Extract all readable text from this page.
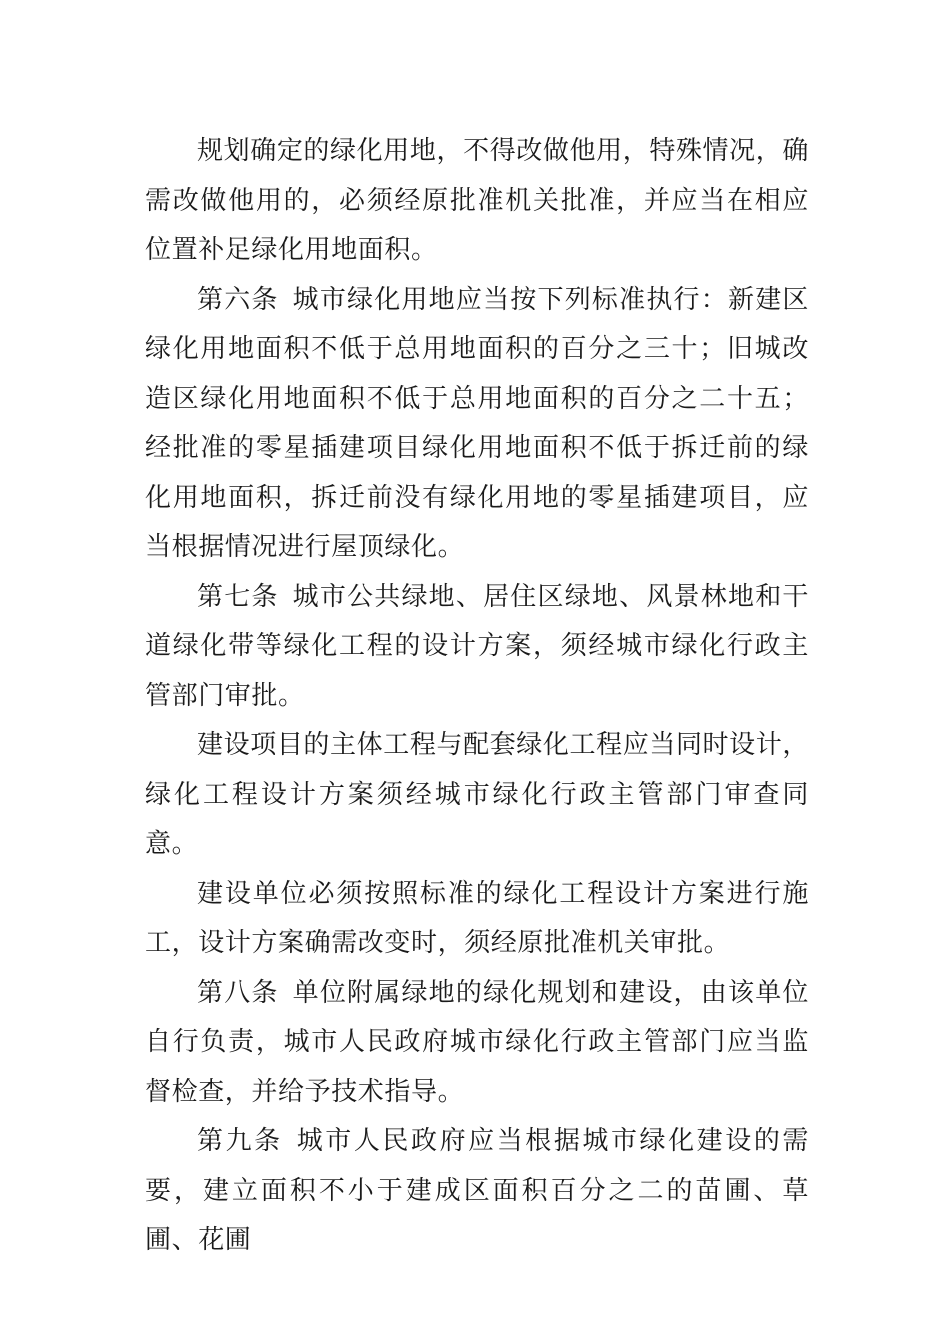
规划确定的绿化用地，不得改做他用，特殊情况，确需改做他用的，必须经原批准机关批准，并应当在相应位置补足绿化用地面积。

第六条 城市绿化用地应当按下列标准执行：新建区绿化用地面积不低于总用地面积的百分之三十；旧城改造区绿化用地面积不低于总用地面积的百分之二十五；经批准的零星插建项目绿化用地面积不低于拆迁前的绿化用地面积，拆迁前没有绿化用地的零星插建项目，应当根据情况进行屋顶绿化。

第七条 城市公共绿地、居住区绿地、风景林地和干道绿化带等绿化工程的设计方案，须经城市绿化行政主管部门审批。

建设项目的主体工程与配套绿化工程应当同时设计，绿化工程设计方案须经城市绿化行政主管部门审查同意。

建设单位必须按照标准的绿化工程设计方案进行施工，设计方案确需改变时，须经原批准机关审批。

第八条 单位附属绿地的绿化规划和建设，由该单位自行负责，城市人民政府城市绿化行政主管部门应当监督检查，并给予技术指导。

第九条 城市人民政府应当根据城市绿化建设的需要，建立面积不小于建成区面积百分之二的苗圃、草圃、花圃
